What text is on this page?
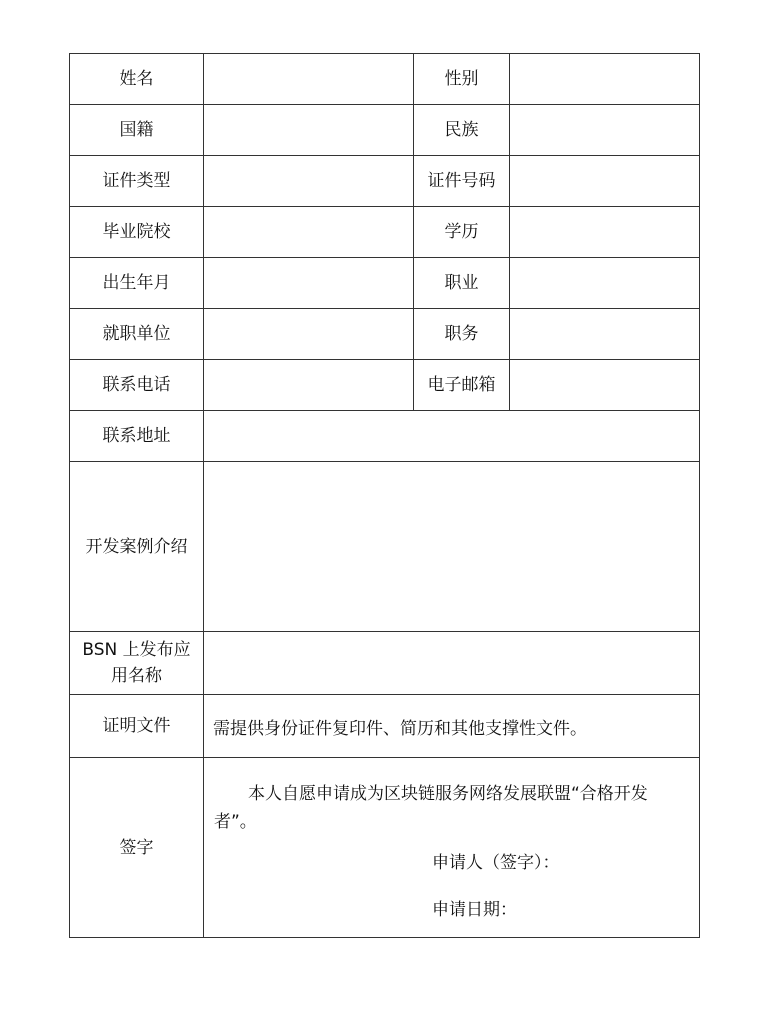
姓名		性别	
国籍		民族	
证件类型		证件号码	
毕业院校		学历	
出生年月		职业	
就职单位		职务	
联系电话		电子邮箱	
联系地址			
开发案例介绍			

BSN 上发布应
用名称			

证明文件	需提供身份证件复印件、简历和其他支撑性文件。		
签字	本人自愿申请成为区块链服务网络发展联盟“合格开发者”。
申请人（签字）：
申请日期：		
